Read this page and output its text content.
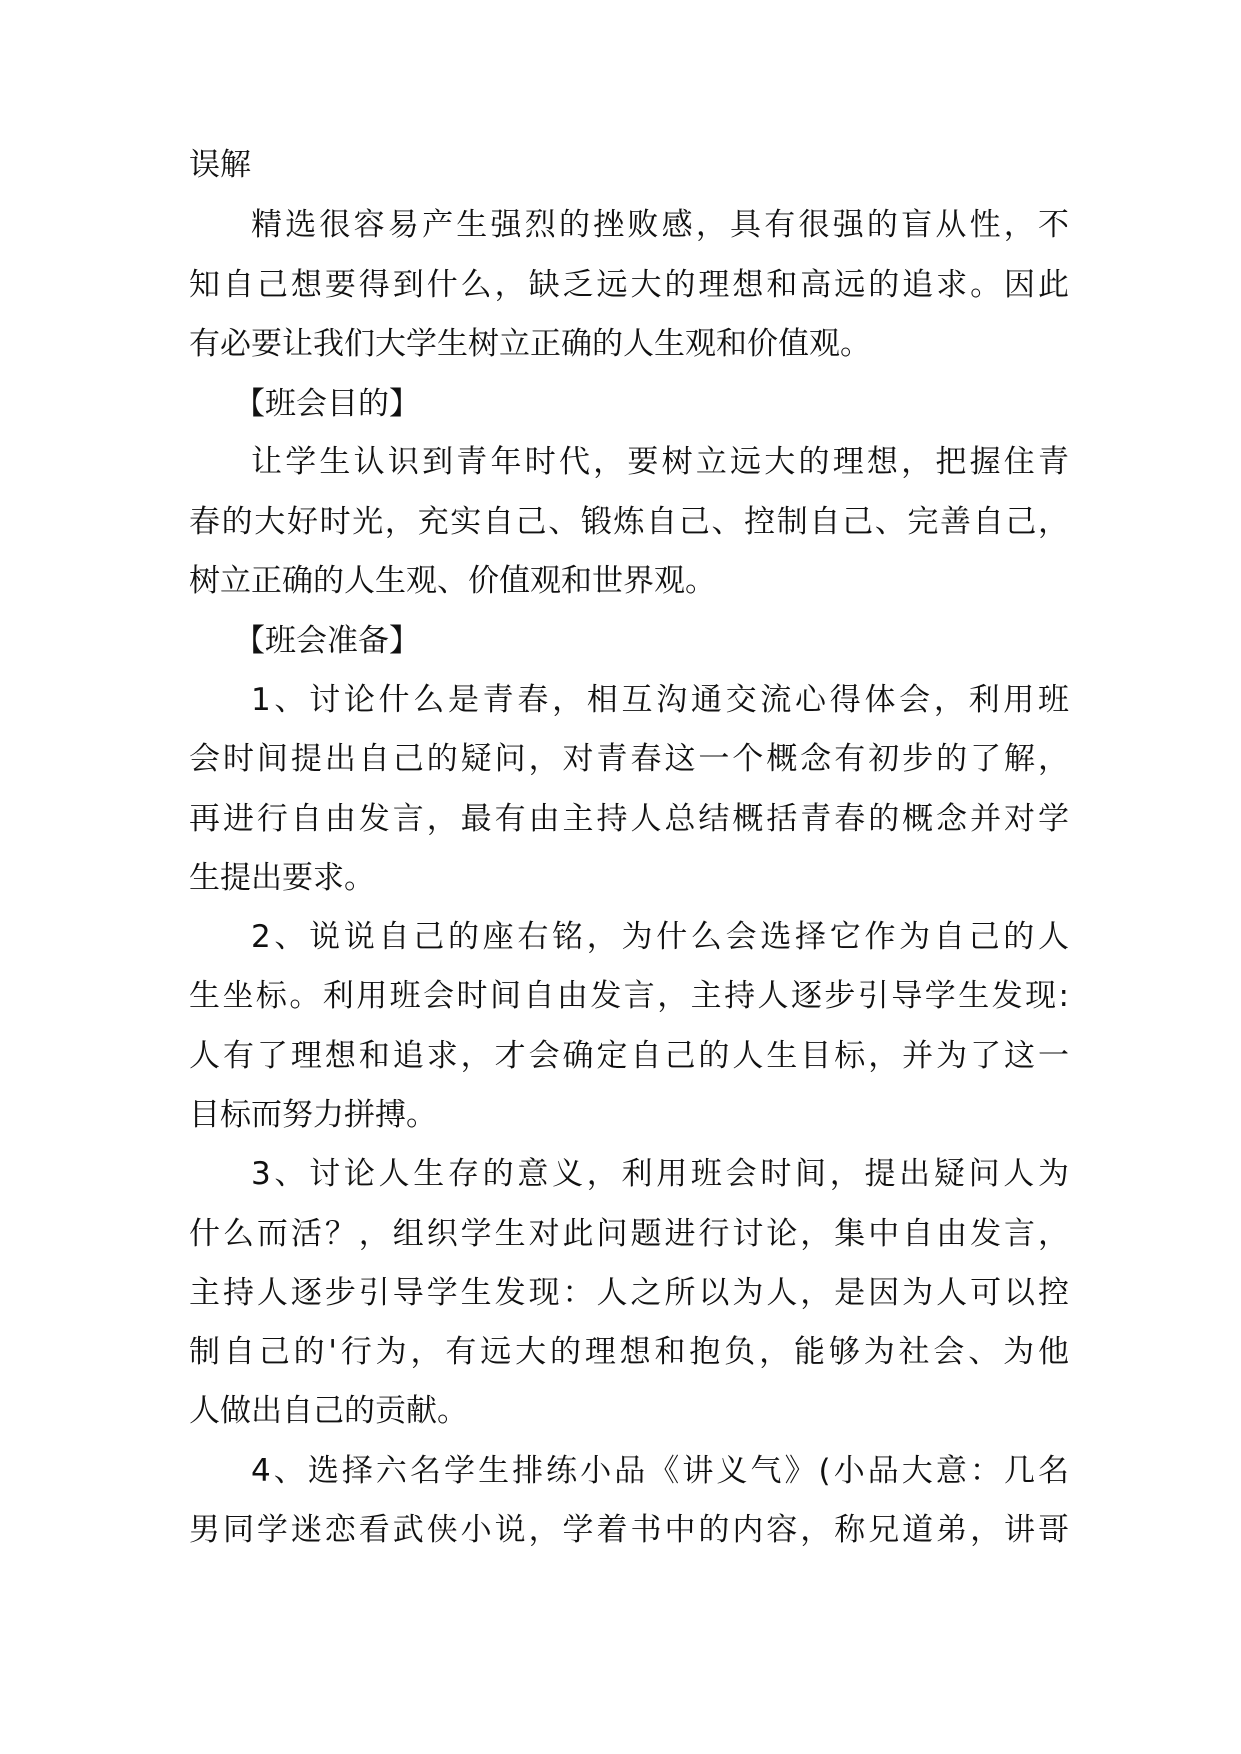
误解
精选很容易产生强烈的挫败感，具有很强的盲从性，不
知自己想要得到什么，缺乏远大的理想和高远的追求。因此
有必要让我们大学生树立正确的人生观和价值观。
【班会目的】
让学生认识到青年时代，要树立远大的理想，把握住青
春的大好时光，充实自己、锻炼自己、控制自己、完善自己，
树立正确的人生观、价值观和世界观。
【班会准备】
1、讨论什么是青春，相互沟通交流心得体会，利用班
会时间提出自己的疑问，对青春这一个概念有初步的了解，
再进行自由发言，最有由主持人总结概括青春的概念并对学
生提出要求。
2、说说自己的座右铭，为什么会选择它作为自己的人
生坐标。利用班会时间自由发言，主持人逐步引导学生发现:
人有了理想和追求，才会确定自己的人生目标，并为了这一
目标而努力拼搏。
3、讨论人生存的意义，利用班会时间，提出疑问人为
什么而活？，组织学生对此问题进行讨论，集中自由发言，
主持人逐步引导学生发现：人之所以为人，是因为人可以控
制自己的'行为，有远大的理想和抱负，能够为社会、为他
人做出自己的贡献。
4、选择六名学生排练小品《讲义气》(小品大意：几名
男同学迷恋看武侠小说，学着书中的内容，称兄道弟，讲哥
